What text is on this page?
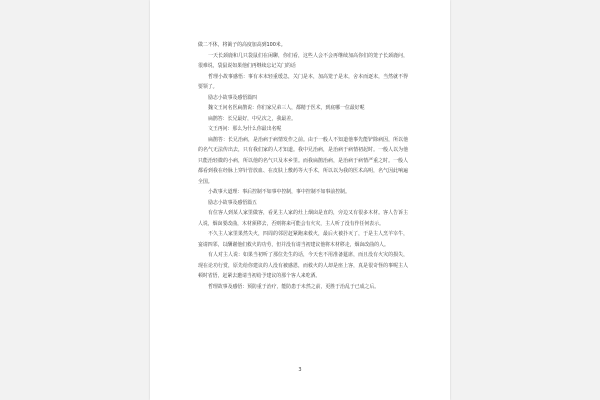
做二不休，将篱子的高度加高到100米。

一天长颈鹿和几只袋鼠们在闲聊，你们看，这些人会不会再继续加高你们的笼子长颈鹿问，很难说，袋鼠说如果他们再继续忘记关门的话

哲理小故事感悟：事有本末轻重缓急，关门是本，加高笼子是末，舍本而逐末，当然就不得要领了。

励志小故事及感悟篇四

魏文王问名医扁鹊说：你们家兄弟三人，都精于医术，到底哪一位最好呢

扁鹊答：长兄最好，中兄次之，我最差。

文王再问：那么为什么你最出名呢

扁鹊答：长兄治病，是治病于病情发作之前。由于一般人不知道他事先能铲除病因，所以他的名气无法传出去，只有我们家的人才知道。我中兄治病，是治病于病情初起时。一般人以为他只能治轻微的小病，所以他的名气只及本乡里。而我扁鹊治病，是治病于病情严重之时。一般人都看到我在经脉上穿针管放血、在皮肤上敷药等大手术，所以以为我的医术高明，名气因此响遍全国。

小故事大道理：事后控制不如事中控制，事中控制不如事前控制。

励志小故事及感悟篇五

有位客人到某人家里做客，看见主人家的灶上烟囱是直的，旁边又有很多木材。客人告诉主人说，烟囱要改曲，木材须移去，否则将来可能会有火灾，主人听了没有作任何表示。

不久主人家里果然失火，四周的邻居赶紧跑来救火，最后火被扑灭了，于是主人烹羊宰牛，宴请四邻，以酬谢他们救火的功劳，但并没有请当初建议他将木材移走，烟囱改曲的人。

有人对主人说：如果当初听了那位先生的话，今天也不用准备筵席，而且没有火灾的损失，现在论功行赏，原先给你建议的人没有被感恩，而救火的人却是座上客，真是很奇怪的事呢主人顿时省悟，赶紧去邀请当初给予建议的那个客人来吃酒。

哲理故事及感悟：预防重于治疗，能防患于未然之前，更胜于治乱于已成之后。

3
